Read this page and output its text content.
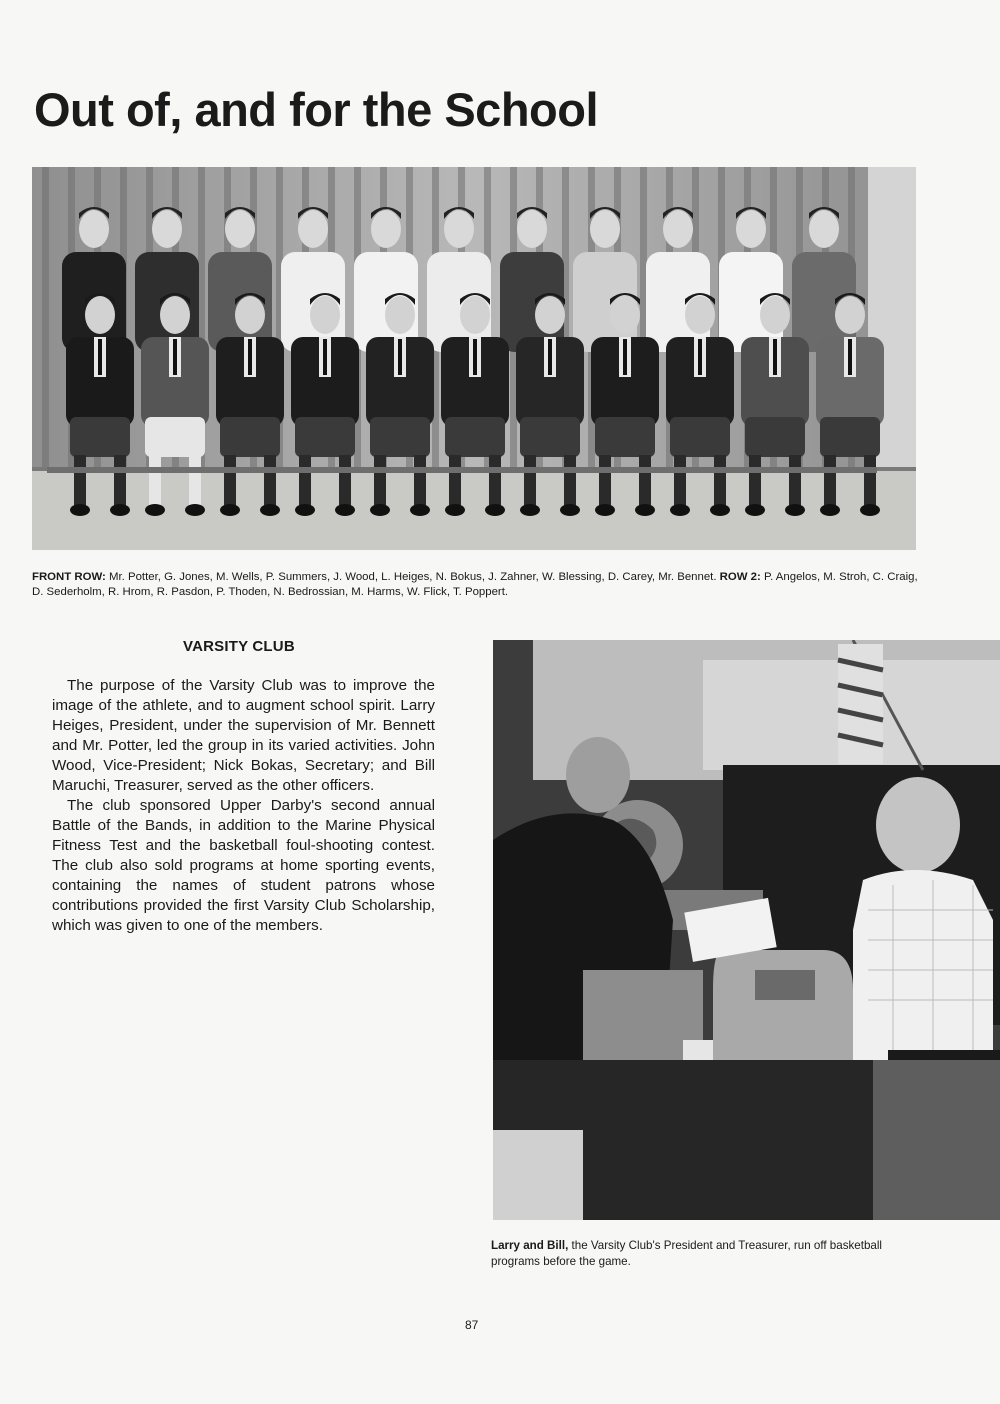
Out of, and for the School

FRONT ROW: Mr. Potter, G. Jones, M. Wells, P. Summers, J. Wood, L. Heiges, N. Bokus, J. Zahner, W. Blessing, D. Carey, Mr. Bennet. ROW 2: P. Angelos, M. Stroh, C. Craig, D. Sederholm, R. Hrom, R. Pasdon, P. Thoden, N. Bedrossian, M. Harms, W. Flick, T. Poppert.

VARSITY CLUB

The purpose of the Varsity Club was to improve the image of the athlete, and to augment school spirit. Larry Heiges, President, under the supervision of Mr. Bennett and Mr. Potter, led the group in its varied activities. John Wood, Vice-President; Nick Bokas, Secretary; and Bill Maruchi, Treasurer, served as the other officers.

The club sponsored Upper Darby's second annual Battle of the Bands, in addition to the Marine Physical Fitness Test and the basketball foul-shooting contest. The club also sold programs at home sporting events, containing the names of student patrons whose contributions provided the first Varsity Club Scholarship, which was given to one of the members.

Larry and Bill, the Varsity Club's President and Treasurer, run off basketball programs before the game.

87
